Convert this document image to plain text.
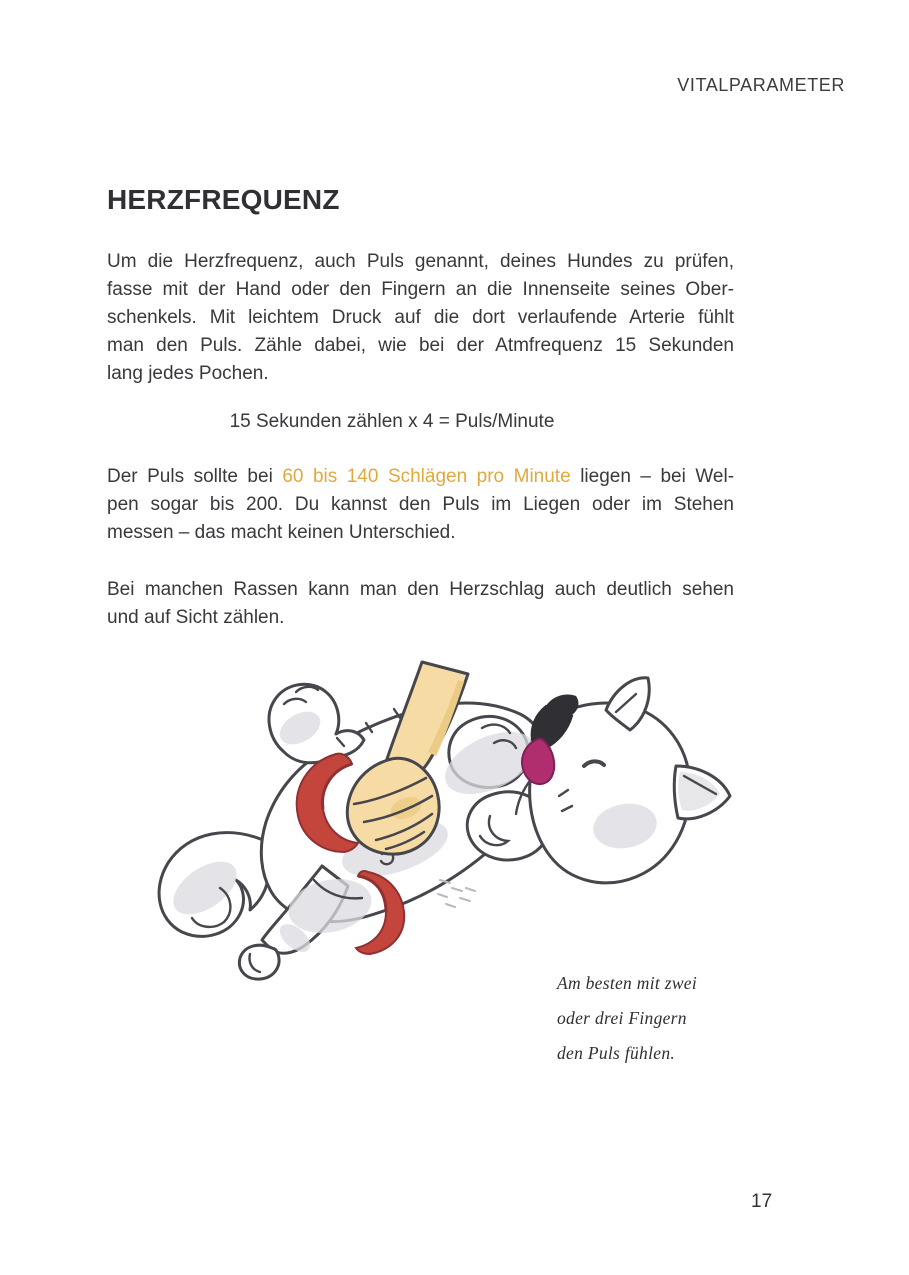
VITALPARAMETER
HERZFREQUENZ
Um die Herzfrequenz, auch Puls genannt, deines Hundes zu prüfen,
fasse mit der Hand oder den Fingern an die Innenseite seines Ober-
schenkels. Mit leichtem Druck auf die dort verlaufende Arterie fühlt
man den Puls. Zähle dabei, wie bei der Atmfrequenz 15 Sekunden
lang jedes Pochen.
15 Sekunden zählen x 4 = Puls/Minute
Der Puls sollte bei 60 bis 140 Schlägen pro Minute liegen – bei Wel-
pen sogar bis 200. Du kannst den Puls im Liegen oder im Stehen
messen – das macht keinen Unterschied.
Bei manchen Rassen kann man den Herzschlag auch deutlich sehen
und auf Sicht zählen.
Am besten mit zwei
oder drei Fingern
den Puls fühlen.
17
